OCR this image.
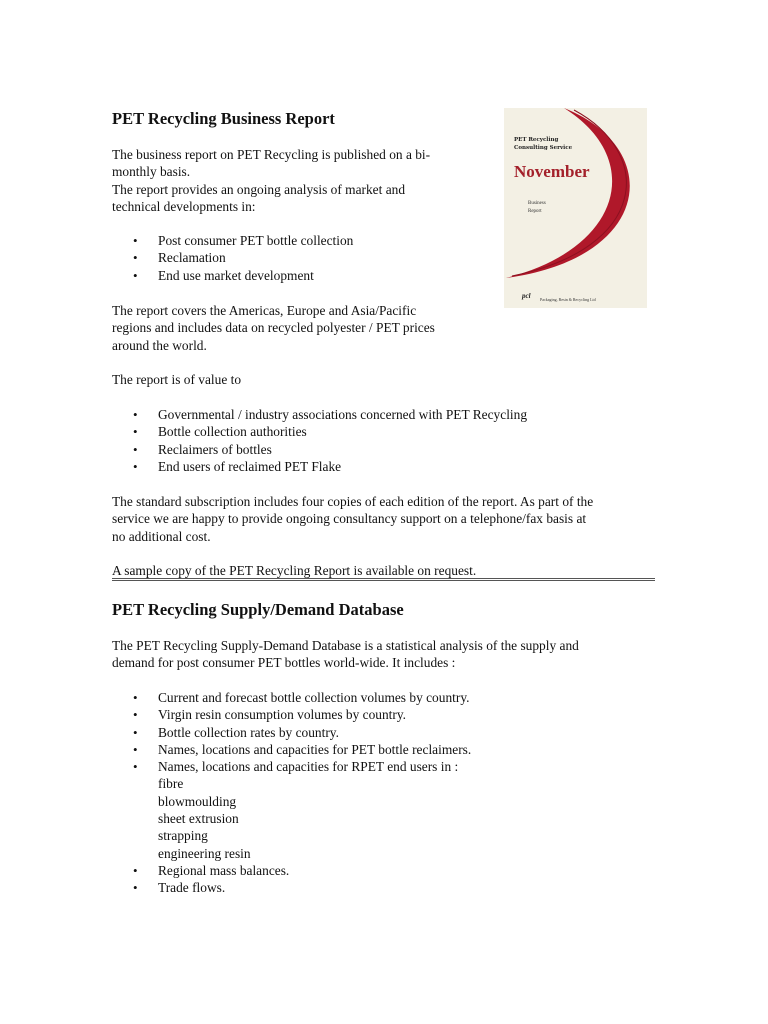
PET Recycling Business Report

The business report on PET Recycling is published on a bi-
monthly basis.
The report provides an ongoing analysis of market and
technical developments in:

• Post consumer PET bottle collection
• Reclamation
• End use market development

The report covers the Americas, Europe and Asia/Pacific
regions and includes data on recycled polyester / PET prices
around the world.

The report is of value to

• Governmental / industry associations concerned with PET Recycling
• Bottle collection authorities
• Reclaimers of bottles
• End users of reclaimed PET Flake

The standard subscription includes four copies of each edition of the report. As part of the
service we are happy to provide ongoing consultancy support on a telephone/fax basis at
no additional cost.

A sample copy of the PET Recycling Report is available on request.

PET Recycling Supply/Demand Database

The PET Recycling Supply-Demand Database is a statistical analysis of the supply and
demand for post consumer PET bottles world-wide. It includes :

• Current and forecast bottle collection volumes by country.
• Virgin resin consumption volumes by country.
• Bottle collection rates by country.
• Names, locations and capacities for PET bottle reclaimers.
• Names, locations and capacities for RPET end users in :
fibre
blowmoulding
sheet extrusion
strapping
engineering resin
• Regional mass balances.
• Trade flows.
PET Recycling
Consulting Service
November
Business
Report
pcl Packaging, Resin & Recycling Ltd
